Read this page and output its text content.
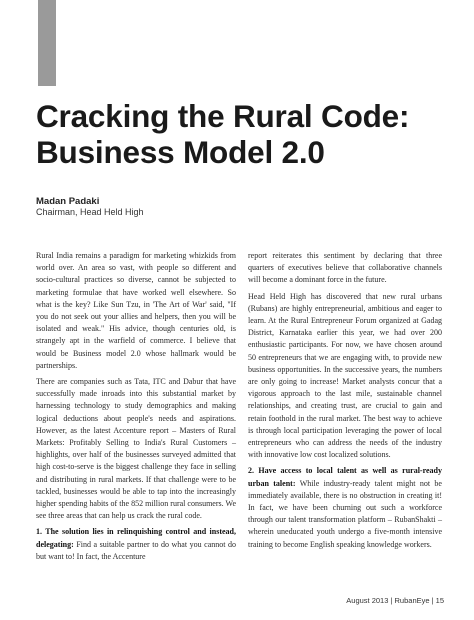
Cracking the Rural Code:
Business Model 2.0
Madan Padaki
Chairman, Head Held High

Rural India remains a paradigm for marketing whizkids from world over. An area so vast, with people so different and socio-cultural practices so diverse, cannot be subjected to marketing formulae that have worked well elsewhere. So what is the key? Like Sun Tzu, in 'The Art of War' said, "If you do not seek out your allies and helpers, then you will be isolated and weak." His advice, though centuries old, is strangely apt in the warfield of commerce. I believe that would be Business model 2.0 whose hallmark would be partnerships.

There are companies such as Tata, ITC and Dabur that have successfully made inroads into this substantial market by harnessing technology to study demographics and making logical deductions about people's needs and aspirations. However, as the latest Accenture report – Masters of Rural Markets: Profitably Selling to India's Rural Customers – highlights, over half of the businesses surveyed admitted that high cost-to-serve is the biggest challenge they face in selling and distributing in rural markets. If that challenge were to be tackled, businesses would be able to tap into the increasingly higher spending habits of the 852 million rural consumers. We see three areas that can help us crack the rural code.

1. The solution lies in relinquishing control and instead, delegating: Find a suitable partner to do what you cannot do but want to! In fact, the Accenture

report reiterates this sentiment by declaring that three quarters of executives believe that collaborative channels will become a dominant force in the future.

Head Held High has discovered that new rural urbans (Rubans) are highly entrepreneurial, ambitious and eager to learn. At the Rural Entrepreneur Forum organized at Gadag District, Karnataka earlier this year, we had over 200 enthusiastic participants. For now, we have chosen around 50 entrepreneurs that we are engaging with, to provide new business opportunities. In the successive years, the numbers are only going to increase! Market analysts concur that a vigorous approach to the last mile, sustainable channel relationships, and creating trust, are crucial to gain and retain foothold in the rural market. The best way to achieve is through local participation leveraging the power of local entrepreneurs who can address the needs of the industry with innovative low cost localized solutions.

2. Have access to local talent as well as rural-ready urban talent: While industry-ready talent might not be immediately available, there is no obstruction in creating it! In fact, we have been churning out such a workforce through our talent transformation platform – RubanShakti – wherein uneducated youth undergo a five-month intensive training to become English speaking knowledge workers.

August 2013 | RubanEye | 15
